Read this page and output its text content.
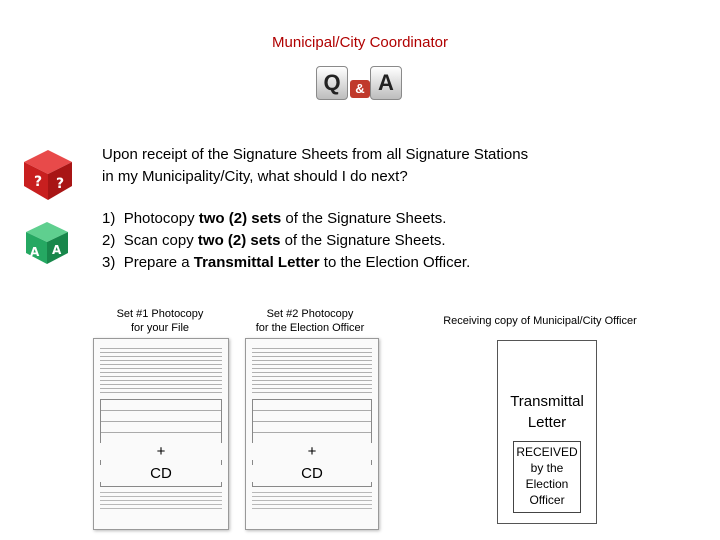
Municipal/City Coordinator
Q	& A
? ?
A A
Upon receipt of the Signature Sheets from all Signature Stations in my Municipality/City, what should I do next?
1) Photocopy two (2) sets of the Signature Sheets.
2) Scan copy two (2) sets of the Signature Sheets.
3) Prepare a Transmittal Letter to the Election Officer.
Set #1 Photocopy
for your File
Set #2 Photocopy
for the Election Officer
Receiving copy of Municipal/City Officer
+
CD
+
CD
Transmittal
Letter
RECEIVED
by the
Election
Officer
